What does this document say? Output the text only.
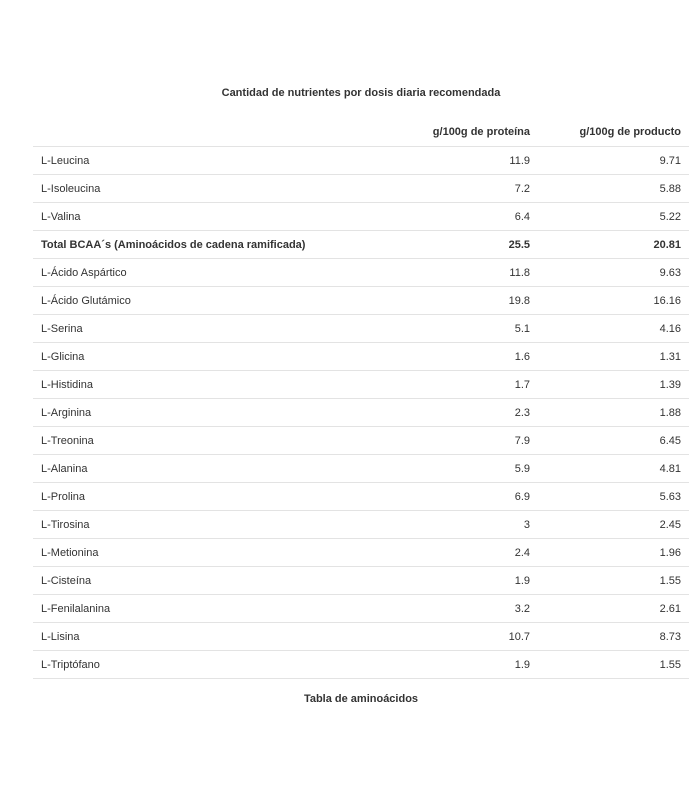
Cantidad de nutrientes por dosis diaria recomendada
	g/100g de proteína	g/100g de producto
L-Leucina	11.9	9.71
L-Isoleucina	7.2	5.88
L-Valina	6.4	5.22
Total BCAA´s (Aminoácidos de cadena ramificada)	25.5	20.81
L-Ácido Aspártico	11.8	9.63
L-Ácido Glutámico	19.8	16.16
L-Serina	5.1	4.16
L-Glicina	1.6	1.31
L-Histidina	1.7	1.39
L-Arginina	2.3	1.88
L-Treonina	7.9	6.45
L-Alanina	5.9	4.81
L-Prolina	6.9	5.63
L-Tirosina	3	2.45
L-Metionina	2.4	1.96
L-Cisteína	1.9	1.55
L-Fenilalanina	3.2	2.61
L-Lisina	10.7	8.73
L-Triptófano	1.9	1.55
Tabla de aminoácidos
